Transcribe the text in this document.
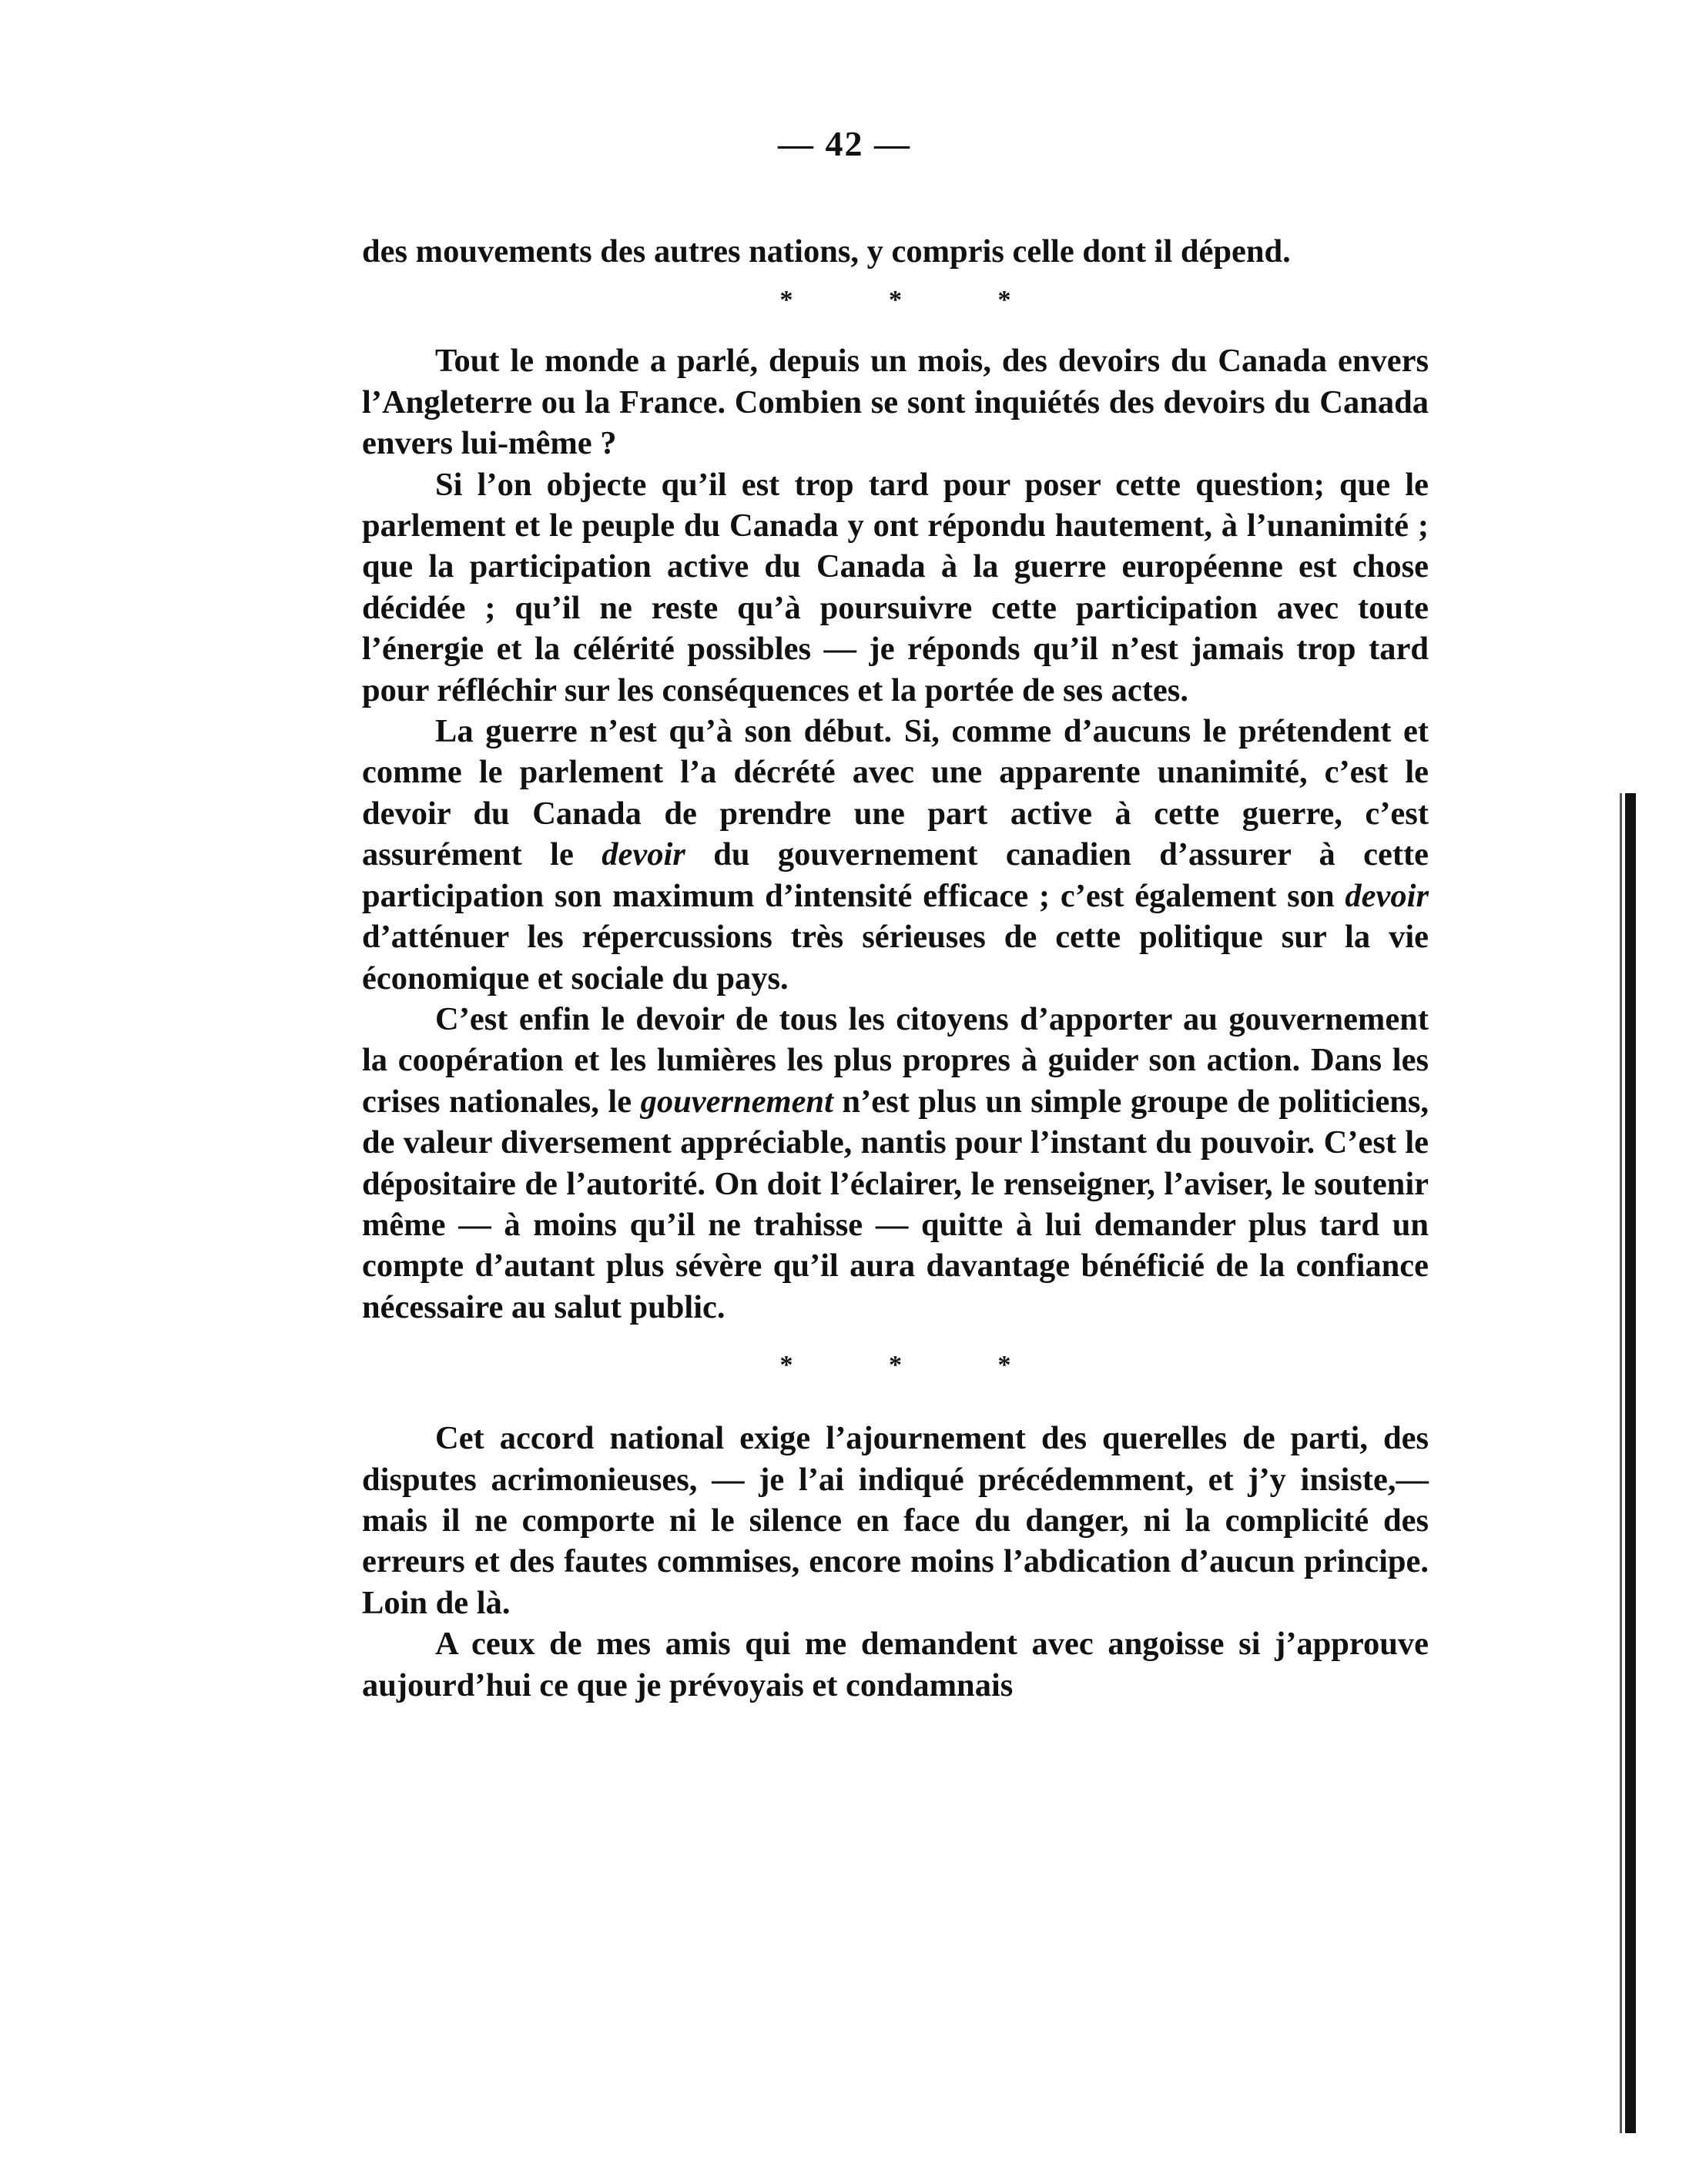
— 42 —

des mouvements des autres nations, y compris celle dont il dépend.

* * *

Tout le monde a parlé, depuis un mois, des devoirs du Canada envers l’Angleterre ou la France. Combien se sont inquiétés des devoirs du Canada envers lui-même ?

Si l’on objecte qu’il est trop tard pour poser cette question; que le parlement et le peuple du Canada y ont répondu hautement, à l’unanimité ; que la participation active du Canada à la guerre européenne est chose décidée ; qu’il ne reste qu’à poursuivre cette participation avec toute l’énergie et la célérité possibles — je réponds qu’il n’est jamais trop tard pour réfléchir sur les conséquences et la portée de ses actes.

La guerre n’est qu’à son début. Si, comme d’aucuns le prétendent et comme le parlement l’a décrété avec une apparente unanimité, c’est le devoir du Canada de prendre une part active à cette guerre, c’est assurément le devoir du gouvernement canadien d’assurer à cette participation son maximum d’intensité efficace ; c’est également son devoir d’atténuer les répercussions très sérieuses de cette politique sur la vie économique et sociale du pays.

C’est enfin le devoir de tous les citoyens d’apporter au gouvernement la coopération et les lumières les plus propres à guider son action. Dans les crises nationales, le gouvernement n’est plus un simple groupe de politiciens, de valeur diversement appréciable, nantis pour l’instant du pouvoir. C’est le dépositaire de l’autorité. On doit l’éclairer, le renseigner, l’aviser, le soutenir même — à moins qu’il ne trahisse — quitte à lui demander plus tard un compte d’autant plus sévère qu’il aura davantage bénéficié de la confiance nécessaire au salut public.

* * *

Cet accord national exige l’ajournement des querelles de parti, des disputes acrimonieuses, — je l’ai indiqué précédemment, et j’y insiste,—mais il ne comporte ni le silence en face du danger, ni la complicité des erreurs et des fautes commises, encore moins l’abdication d’aucun principe. Loin de là.

A ceux de mes amis qui me demandent avec angoisse si j’approuve aujourd’hui ce que je prévoyais et condamnais
